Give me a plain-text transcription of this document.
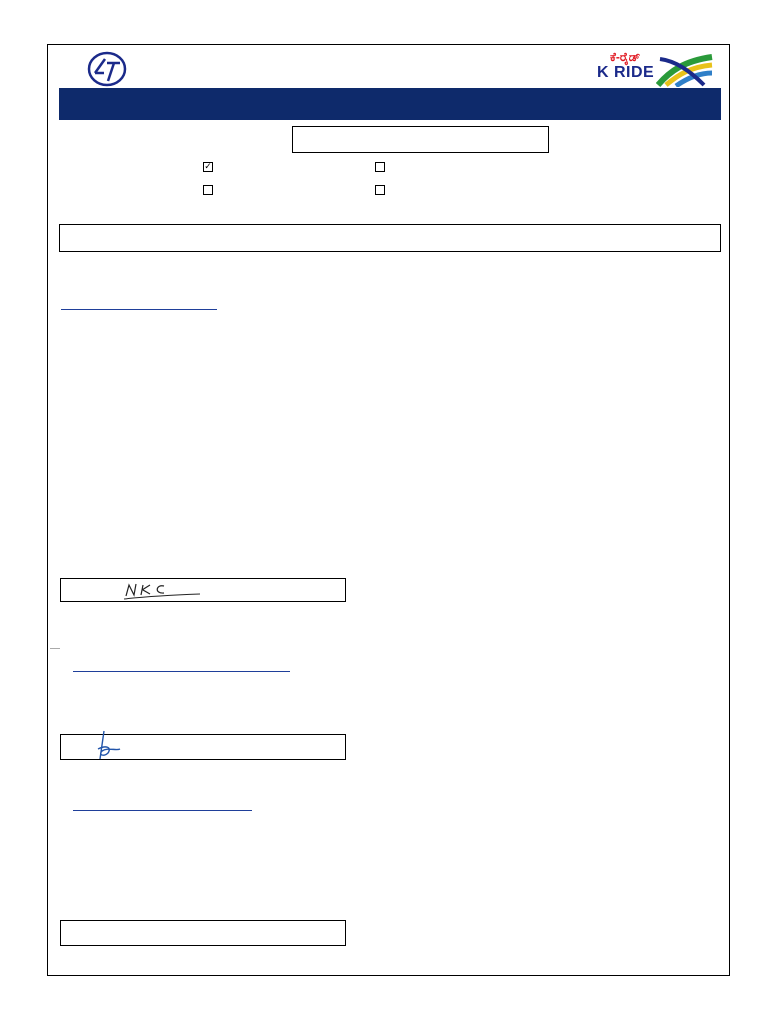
ಕೆ-ರೈಡ್
K RIDE
✓
